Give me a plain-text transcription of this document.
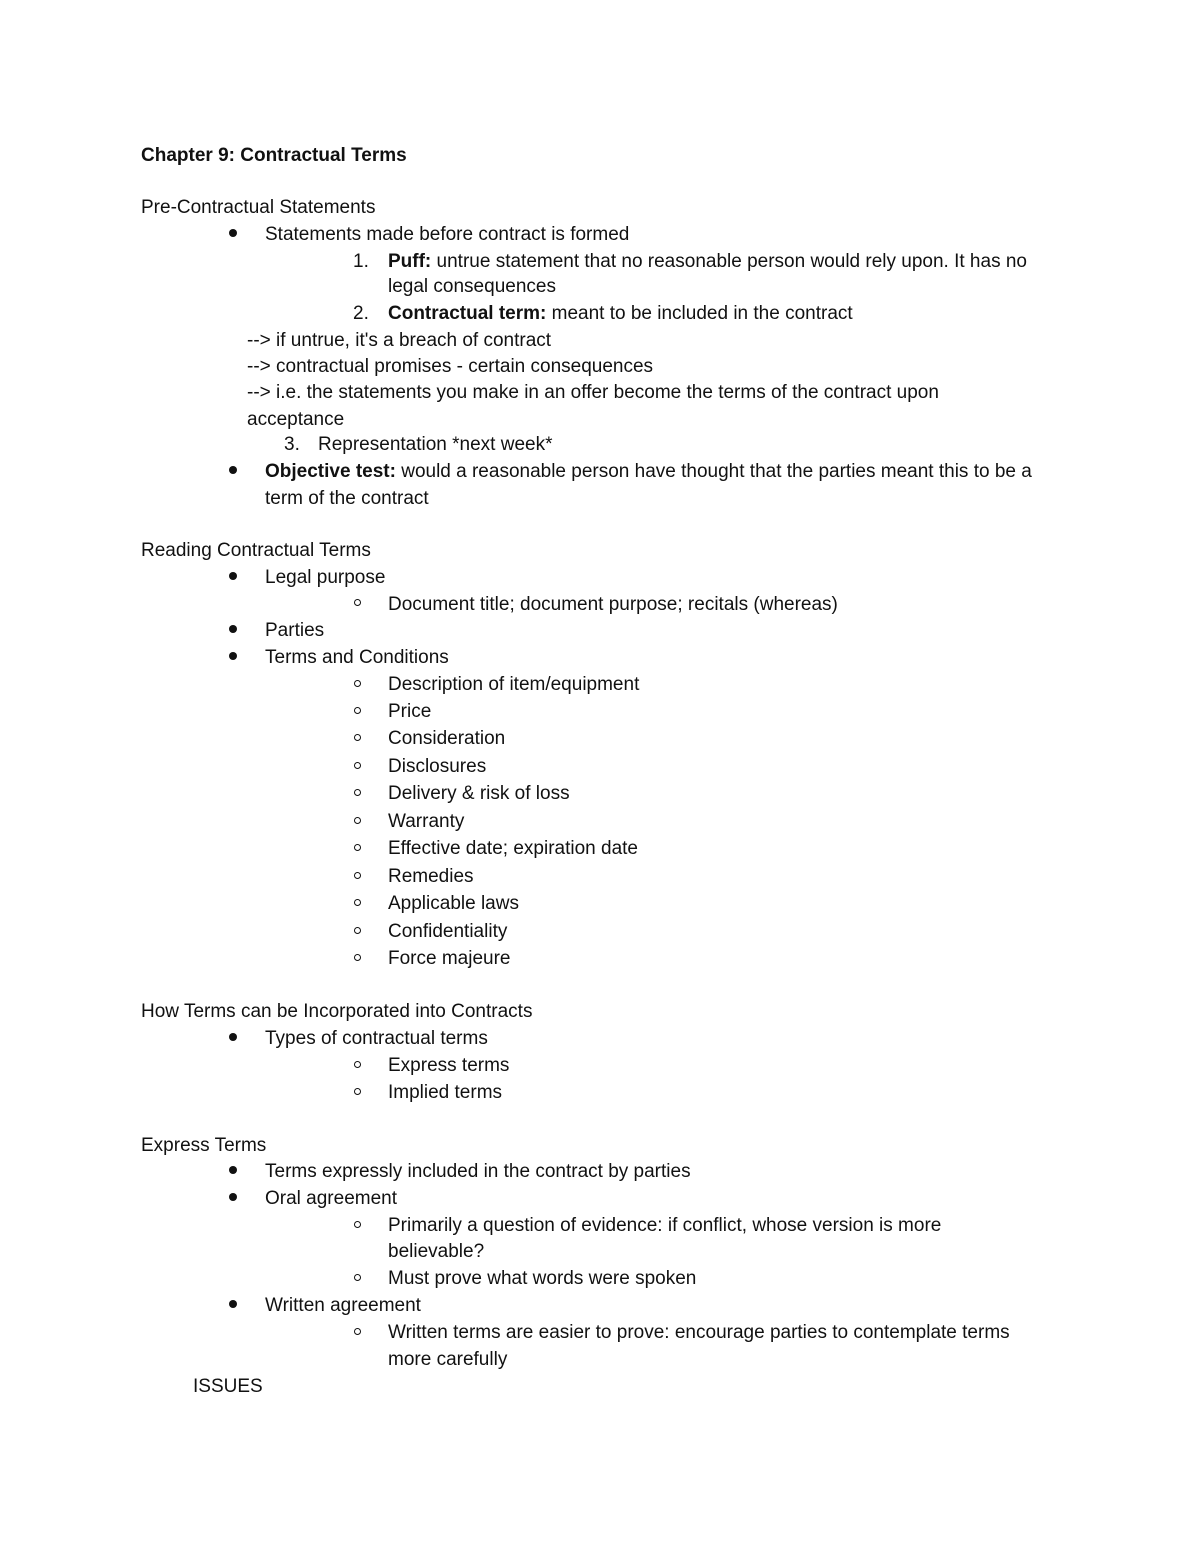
Chapter 9: Contractual Terms
Pre-Contractual Statements
Statements made before contract is formed
1. Puff: untrue statement that no reasonable person would rely upon. It has no
legal consequences
2. Contractual term: meant to be included in the contract
--> if untrue, it's a breach of contract
--> contractual promises - certain consequences
--> i.e. the statements you make in an offer become the terms of the contract upon
acceptance
3. Representation *next week*
Objective test: would a reasonable person have thought that the parties meant this to be a
term of the contract
Reading Contractual Terms
Legal purpose
Document title; document purpose; recitals (whereas)
Parties
Terms and Conditions
Description of item/equipment
Price
Consideration
Disclosures
Delivery & risk of loss
Warranty
Effective date; expiration date
Remedies
Applicable laws
Confidentiality
Force majeure
How Terms can be Incorporated into Contracts
Types of contractual terms
Express terms
Implied terms
Express Terms
Terms expressly included in the contract by parties
Oral agreement
Primarily a question of evidence: if conflict, whose version is more
believable?
Must prove what words were spoken
Written agreement
Written terms are easier to prove: encourage parties to contemplate terms
more carefully
ISSUES
